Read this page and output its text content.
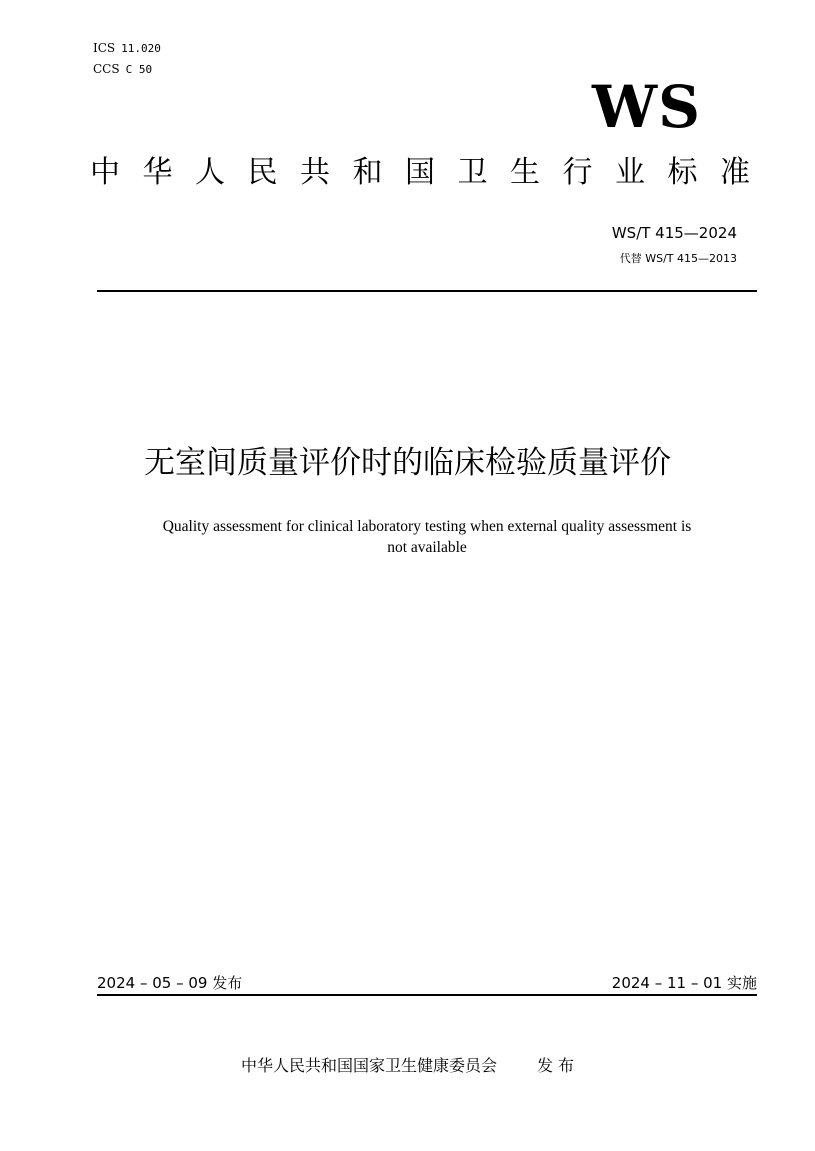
ICS 11.020
CCS C 50
WS
中 华 人 民 共 和 国 卫 生 行 业 标 准
WS/T 415—2024
代替 WS/T 415—2013
无室间质量评价时的临床检验质量评价
Quality assessment for clinical laboratory testing when external quality assessment is
not available
2024 – 05 – 09 发布	2024 – 11 – 01 实施
中华人民共和国国家卫生健康委员会	发 布
